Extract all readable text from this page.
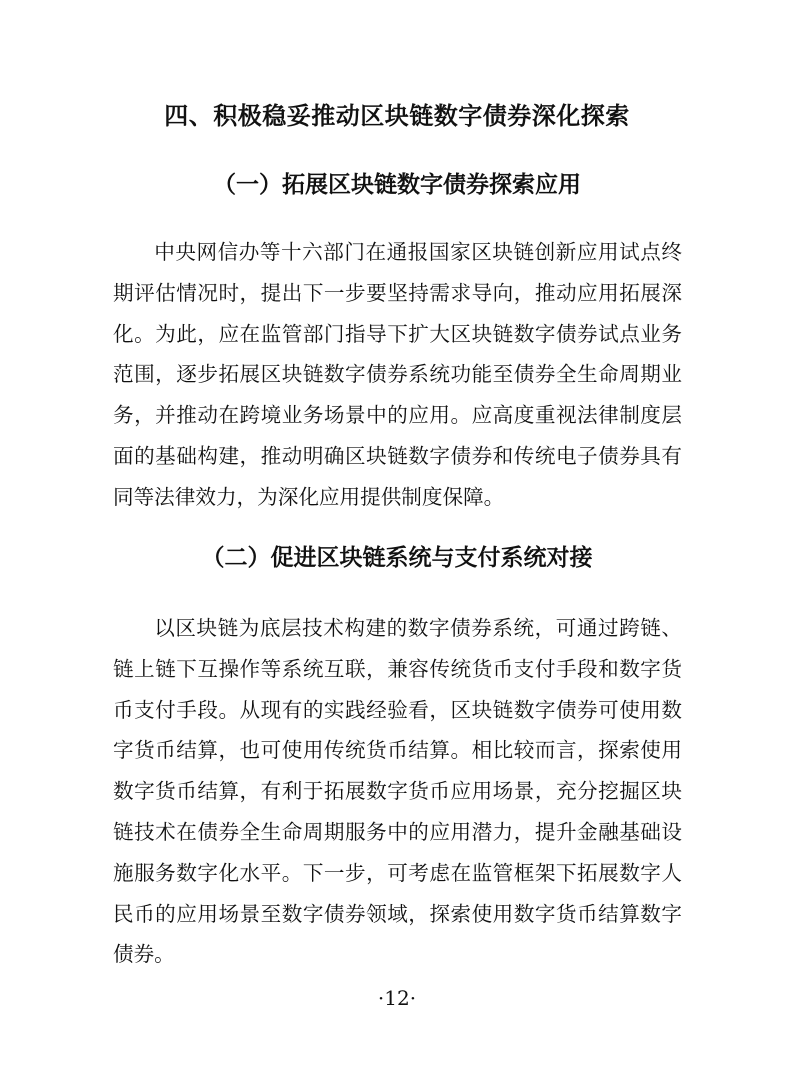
四、积极稳妥推动区块链数字债券深化探索
（一）拓展区块链数字债券探索应用

中央网信办等十六部门在通报国家区块链创新应用试点终期评估情况时，提出下一步要坚持需求导向，推动应用拓展深化。为此，应在监管部门指导下扩大区块链数字债券试点业务范围，逐步拓展区块链数字债券系统功能至债券全生命周期业务，并推动在跨境业务场景中的应用。应高度重视法律制度层面的基础构建，推动明确区块链数字债券和传统电子债券具有同等法律效力，为深化应用提供制度保障。

（二）促进区块链系统与支付系统对接

以区块链为底层技术构建的数字债券系统，可通过跨链、链上链下互操作等系统互联，兼容传统货币支付手段和数字货币支付手段。从现有的实践经验看，区块链数字债券可使用数字货币结算，也可使用传统货币结算。相比较而言，探索使用数字货币结算，有利于拓展数字货币应用场景，充分挖掘区块链技术在债券全生命周期服务中的应用潜力，提升金融基础设施服务数字化水平。下一步，可考虑在监管框架下拓展数字人民币的应用场景至数字债券领域，探索使用数字货币结算数字债券。

·12·
